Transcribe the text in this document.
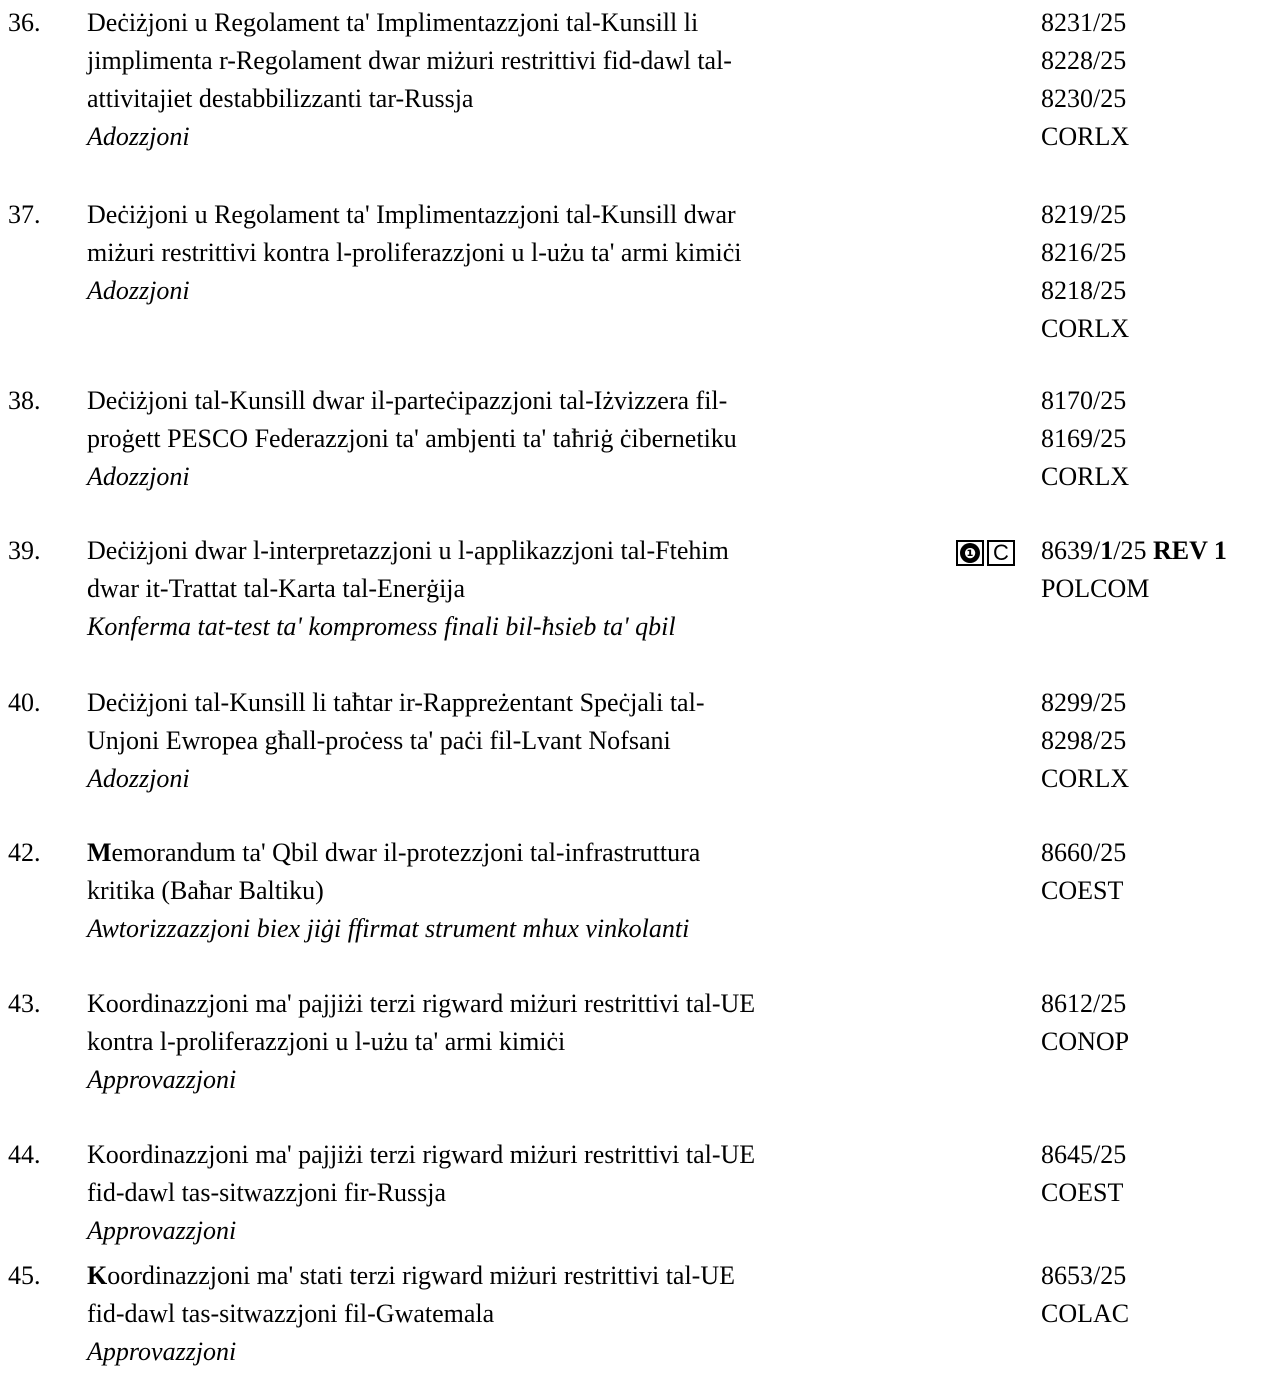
36. Deċiżjoni u Regolament ta' Implimentazzjoni tal-Kunsill li
jimplimenta r-Regolament dwar miżuri restrittivi fid-dawl tal-
attivitajiet destabbilizzanti tar-Russja
Adozzjoni
8231/25
8228/25
8230/25
CORLX
37. Deċiżjoni u Regolament ta' Implimentazzjoni tal-Kunsill dwar
miżuri restrittivi kontra l-proliferazzjoni u l-użu ta' armi kimiċi
Adozzjoni
8219/25
8216/25
8218/25
CORLX
38. Deċiżjoni tal-Kunsill dwar il-parteċipazzjoni tal-Iżvizzera fil-
proġett PESCO Federazzjoni ta' ambjenti ta' taħriġ ċibernetiku
Adozzjoni
8170/25
8169/25
CORLX
39. Deċiżjoni dwar l-interpretazzjoni u l-applikazzjoni tal-Ftehim
dwar it-Trattat tal-Karta tal-Enerġija
Konferma tat-test ta' kompromess finali bil-ħsieb ta' qbil
❶ C 8639/1/25 REV 1
POLCOM
40. Deċiżjoni tal-Kunsill li taħtar ir-Rappreżentant Speċjali tal-
Unjoni Ewropea għall-proċess ta' paċi fil-Lvant Nofsani
Adozzjoni
8299/25
8298/25
CORLX
42. Memorandum ta' Qbil dwar il-protezzjoni tal-infrastruttura
kritika (Baħar Baltiku)
Awtorizzazzjoni biex jiġi ffirmat strument mhux vinkolanti
8660/25
COEST
43. Koordinazzjoni ma' pajjiżi terzi rigward miżuri restrittivi tal-UE
kontra l-proliferazzjoni u l-użu ta' armi kimiċi
Approvazzjoni
8612/25
CONOP
44. Koordinazzjoni ma' pajjiżi terzi rigward miżuri restrittivi tal-UE
fid-dawl tas-sitwazzjoni fir-Russja
Approvazzjoni
8645/25
COEST
45. Koordinazzjoni ma' stati terzi rigward miżuri restrittivi tal-UE
fid-dawl tas-sitwazzjoni fil-Gwatemala
Approvazzjoni
8653/25
COLAC
